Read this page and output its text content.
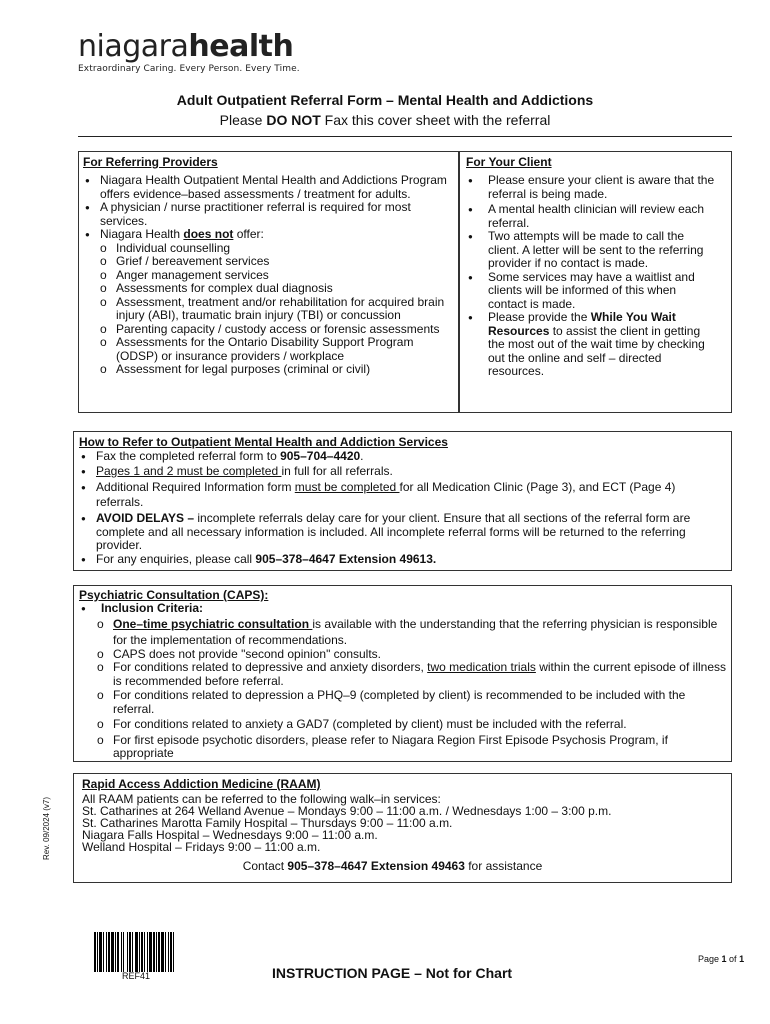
niagarahealth
Extraordinary Caring. Every Person. Every Time.
Adult Outpatient Referral Form – Mental Health and Addictions
Please DO NOT Fax this cover sheet with the referral
For Referring Providers
● Niagara Health Outpatient Mental Health and Addictions Program offers evidence–based assessments / treatment for adults.
● A physician / nurse practitioner referral is required for most services.
● Niagara Health does not offer:
o Individual counselling
o Grief / bereavement services
o Anger management services
o Assessments for complex dual diagnosis
o Assessment, treatment and/or rehabilitation for acquired brain injury (ABI), traumatic brain injury (TBI) or concussion
o Parenting capacity / custody access or forensic assessments
o Assessments for the Ontario Disability Support Program (ODSP) or insurance providers / workplace
o Assessment for legal purposes (criminal or civil)
For Your Client
● Please ensure your client is aware that the referral is being made.
● A mental health clinician will review each referral.
● Two attempts will be made to call the client. A letter will be sent to the referring provider if no contact is made.
● Some services may have a waitlist and clients will be informed of this when contact is made.
● Please provide the While You Wait Resources to assist the client in getting the most out of the wait time by checking out the online and self – directed resources.
How to Refer to Outpatient Mental Health and Addiction Services
● Fax the completed referral form to 905–704–4420.
● Pages 1 and 2 must be completed in full for all referrals.
● Additional Required Information form must be completed for all Medication Clinic (Page 3), and ECT (Page 4) referrals.
● AVOID DELAYS – incomplete referrals delay care for your client. Ensure that all sections of the referral form are complete and all necessary information is included. All incomplete referral forms will be returned to the referring provider.
● For any enquiries, please call 905–378–4647 Extension 49613.
Psychiatric Consultation (CAPS):
● Inclusion Criteria:
o One–time psychiatric consultation is available with the understanding that the referring physician is responsible for the implementation of recommendations.
o CAPS does not provide "second opinion" consults.
o For conditions related to depressive and anxiety disorders, two medication trials within the current episode of illness is recommended before referral.
o For conditions related to depression a PHQ–9 (completed by client) is recommended to be included with the referral.
o For conditions related to anxiety a GAD7 (completed by client) must be included with the referral.
o For first episode psychotic disorders, please refer to Niagara Region First Episode Psychosis Program, if appropriate
Rapid Access Addiction Medicine (RAAM)
All RAAM patients can be referred to the following walk–in services:
St. Catharines at 264 Welland Avenue – Mondays 9:00 – 11:00 a.m. / Wednesdays 1:00 – 3:00 p.m.
St. Catharines Marotta Family Hospital – Thursdays 9:00 – 11:00 a.m.
Niagara Falls Hospital – Wednesdays 9:00 – 11:00 a.m.
Welland Hospital – Fridays 9:00 – 11:00 a.m.
Contact 905–378–4647 Extension 49463 for assistance
Rev. 09/2024 (v7)
REF41	INSTRUCTION PAGE – Not for Chart
Page 1 of 1
